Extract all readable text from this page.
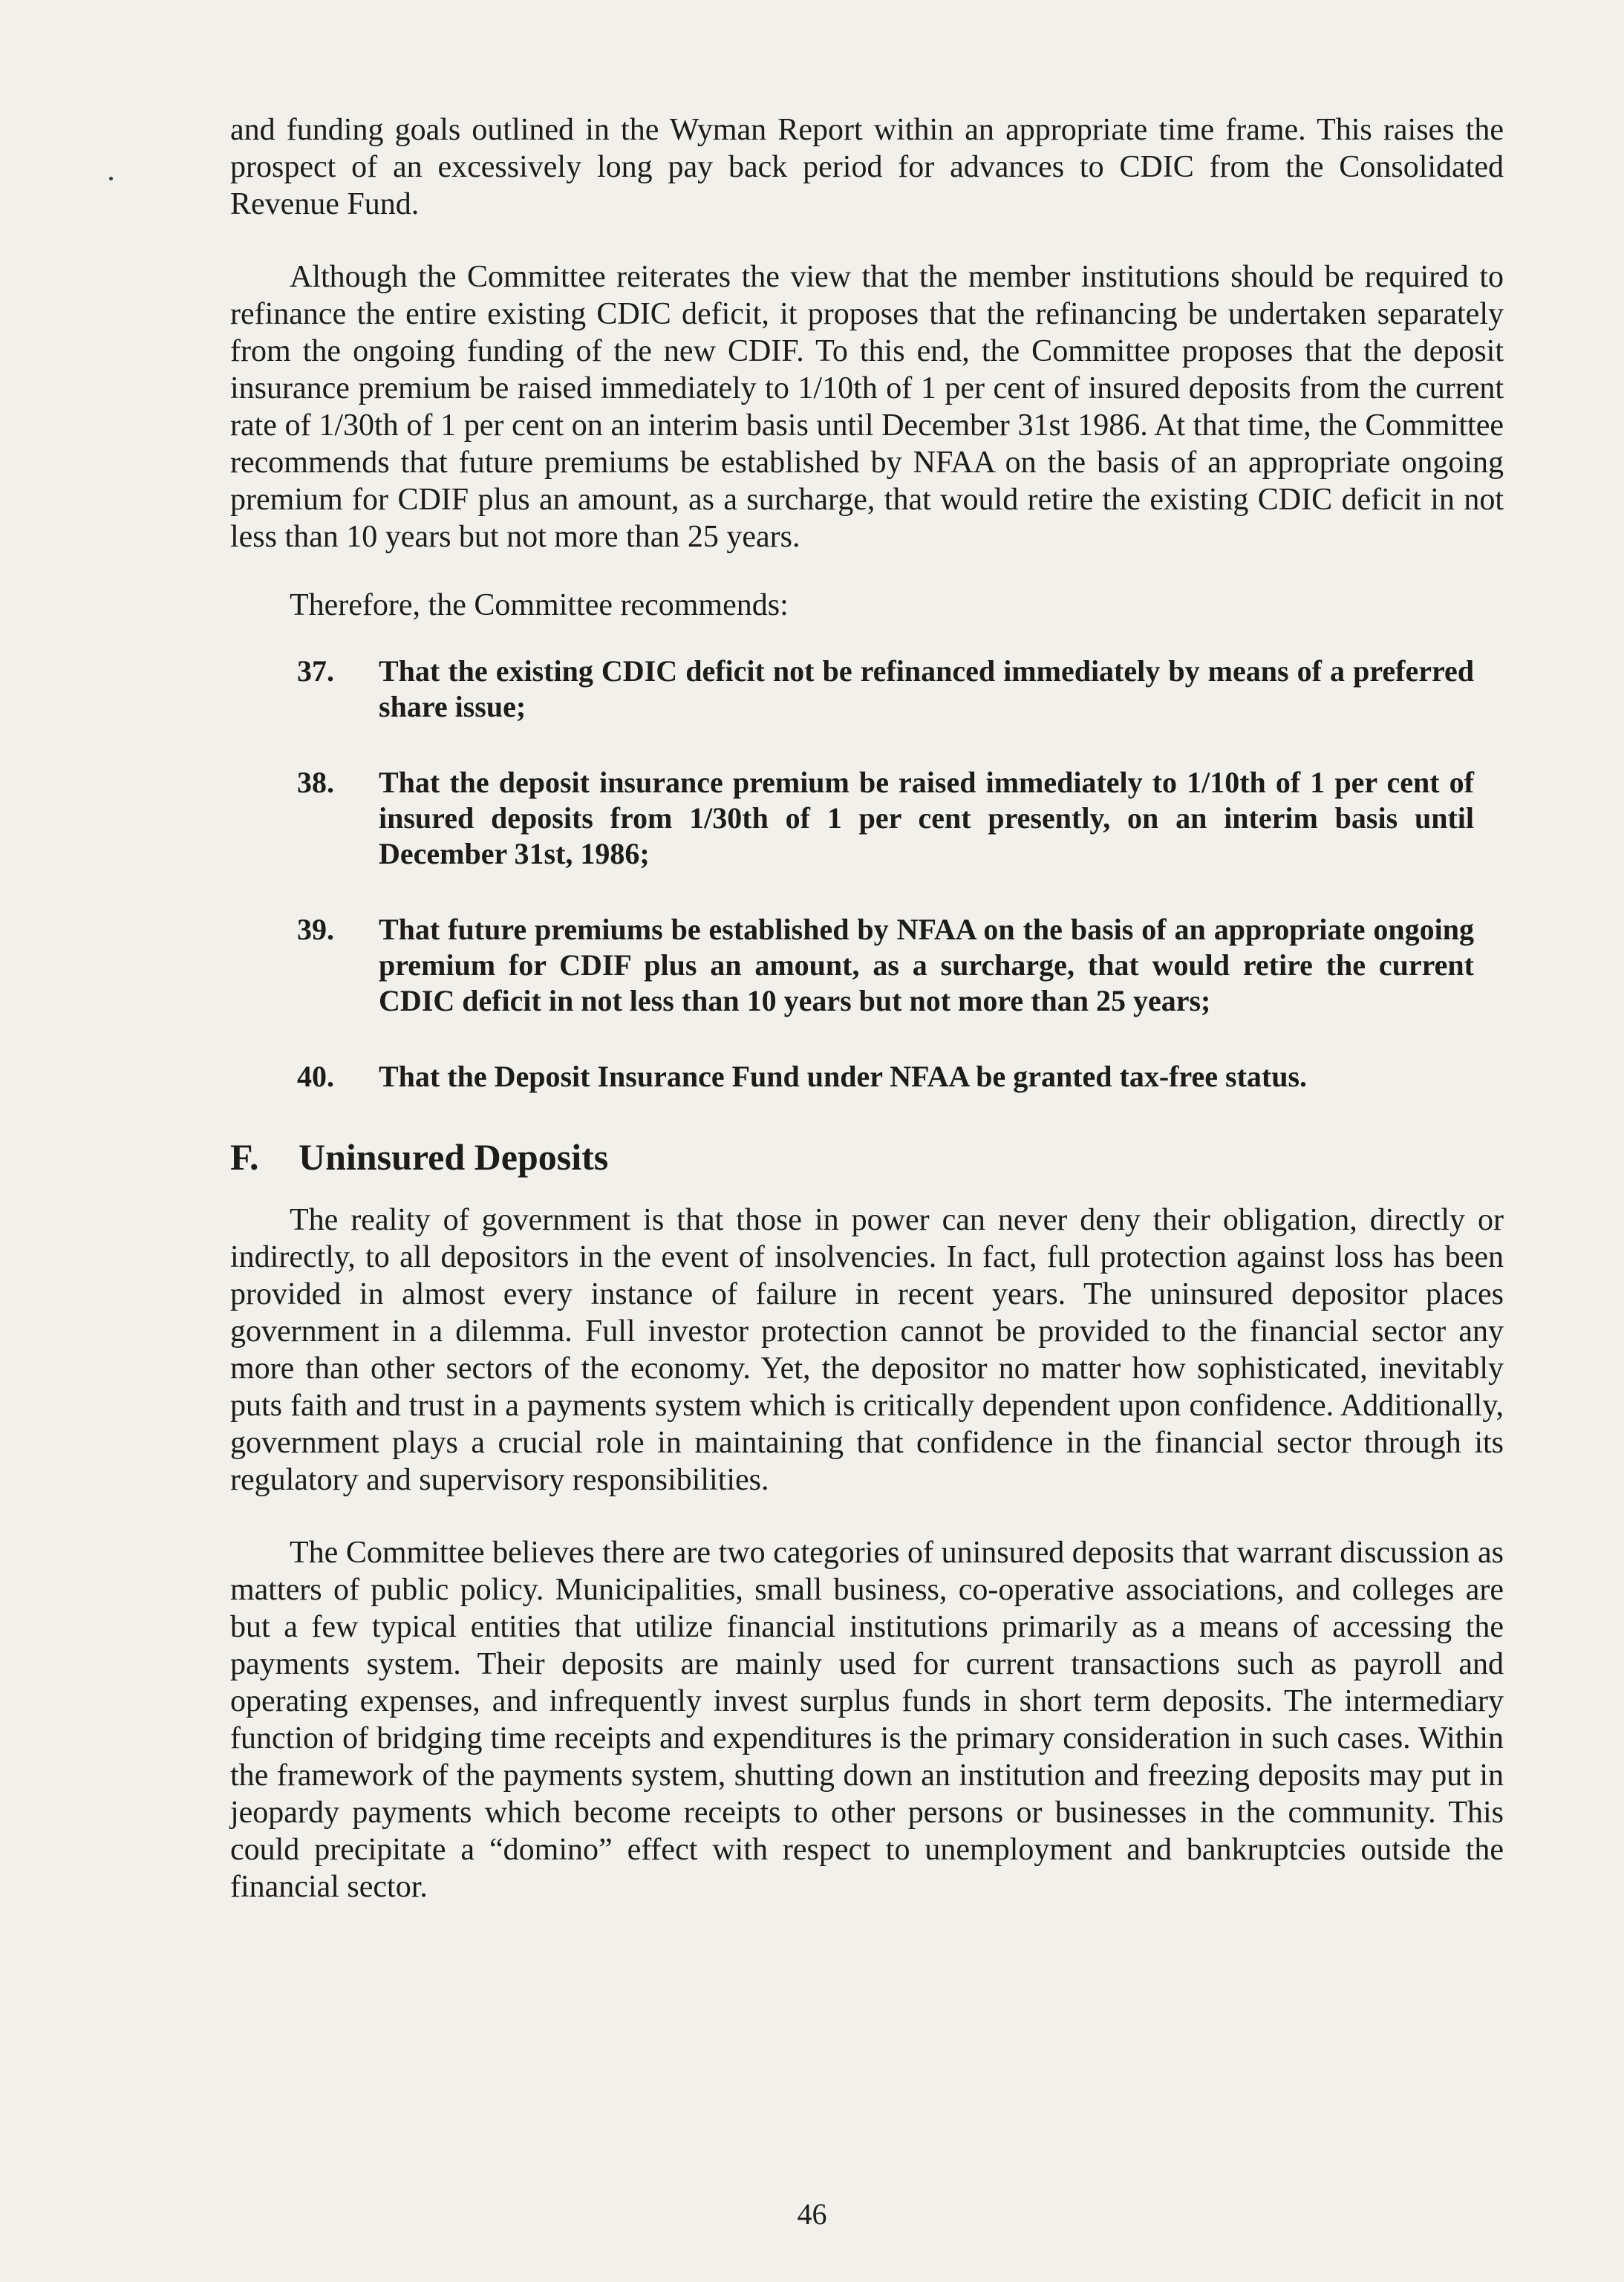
and funding goals outlined in the Wyman Report within an appropriate time frame. This raises the prospect of an excessively long pay back period for advances to CDIC from the Consolidated Revenue Fund.

Although the Committee reiterates the view that the member institutions should be required to refinance the entire existing CDIC deficit, it proposes that the refinancing be undertaken separately from the ongoing funding of the new CDIF. To this end, the Committee proposes that the deposit insurance premium be raised immediately to 1/10th of 1 per cent of insured deposits from the current rate of 1/30th of 1 per cent on an interim basis until December 31st 1986. At that time, the Committee recommends that future premiums be established by NFAA on the basis of an appropriate ongoing premium for CDIF plus an amount, as a surcharge, that would retire the existing CDIC deficit in not less than 10 years but not more than 25 years.

Therefore, the Committee recommends:

37. That the existing CDIC deficit not be refinanced immediately by means of a preferred share issue;
38. That the deposit insurance premium be raised immediately to 1/10th of 1 per cent of insured deposits from 1/30th of 1 per cent presently, on an interim basis until December 31st, 1986;
39. That future premiums be established by NFAA on the basis of an appropriate ongoing premium for CDIF plus an amount, as a surcharge, that would retire the current CDIC deficit in not less than 10 years but not more than 25 years;
40. That the Deposit Insurance Fund under NFAA be granted tax-free status.
F. Uninsured Deposits

The reality of government is that those in power can never deny their obligation, directly or indirectly, to all depositors in the event of insolvencies. In fact, full protection against loss has been provided in almost every instance of failure in recent years. The uninsured depositor places government in a dilemma. Full investor protection cannot be provided to the financial sector any more than other sectors of the economy. Yet, the depositor no matter how sophisticated, inevitably puts faith and trust in a payments system which is critically dependent upon confidence. Additionally, government plays a crucial role in maintaining that confidence in the financial sector through its regulatory and supervisory responsibilities.

The Committee believes there are two categories of uninsured deposits that warrant discussion as matters of public policy. Municipalities, small business, co-operative associations, and colleges are but a few typical entities that utilize financial institutions primarily as a means of accessing the payments system. Their deposits are mainly used for current transactions such as payroll and operating expenses, and infrequently invest surplus funds in short term deposits. The intermediary function of bridging time receipts and expenditures is the primary consideration in such cases. Within the framework of the payments system, shutting down an institution and freezing deposits may put in jeopardy payments which become receipts to other persons or businesses in the community. This could precipitate a “domino” effect with respect to unemployment and bankruptcies outside the financial sector.

46
